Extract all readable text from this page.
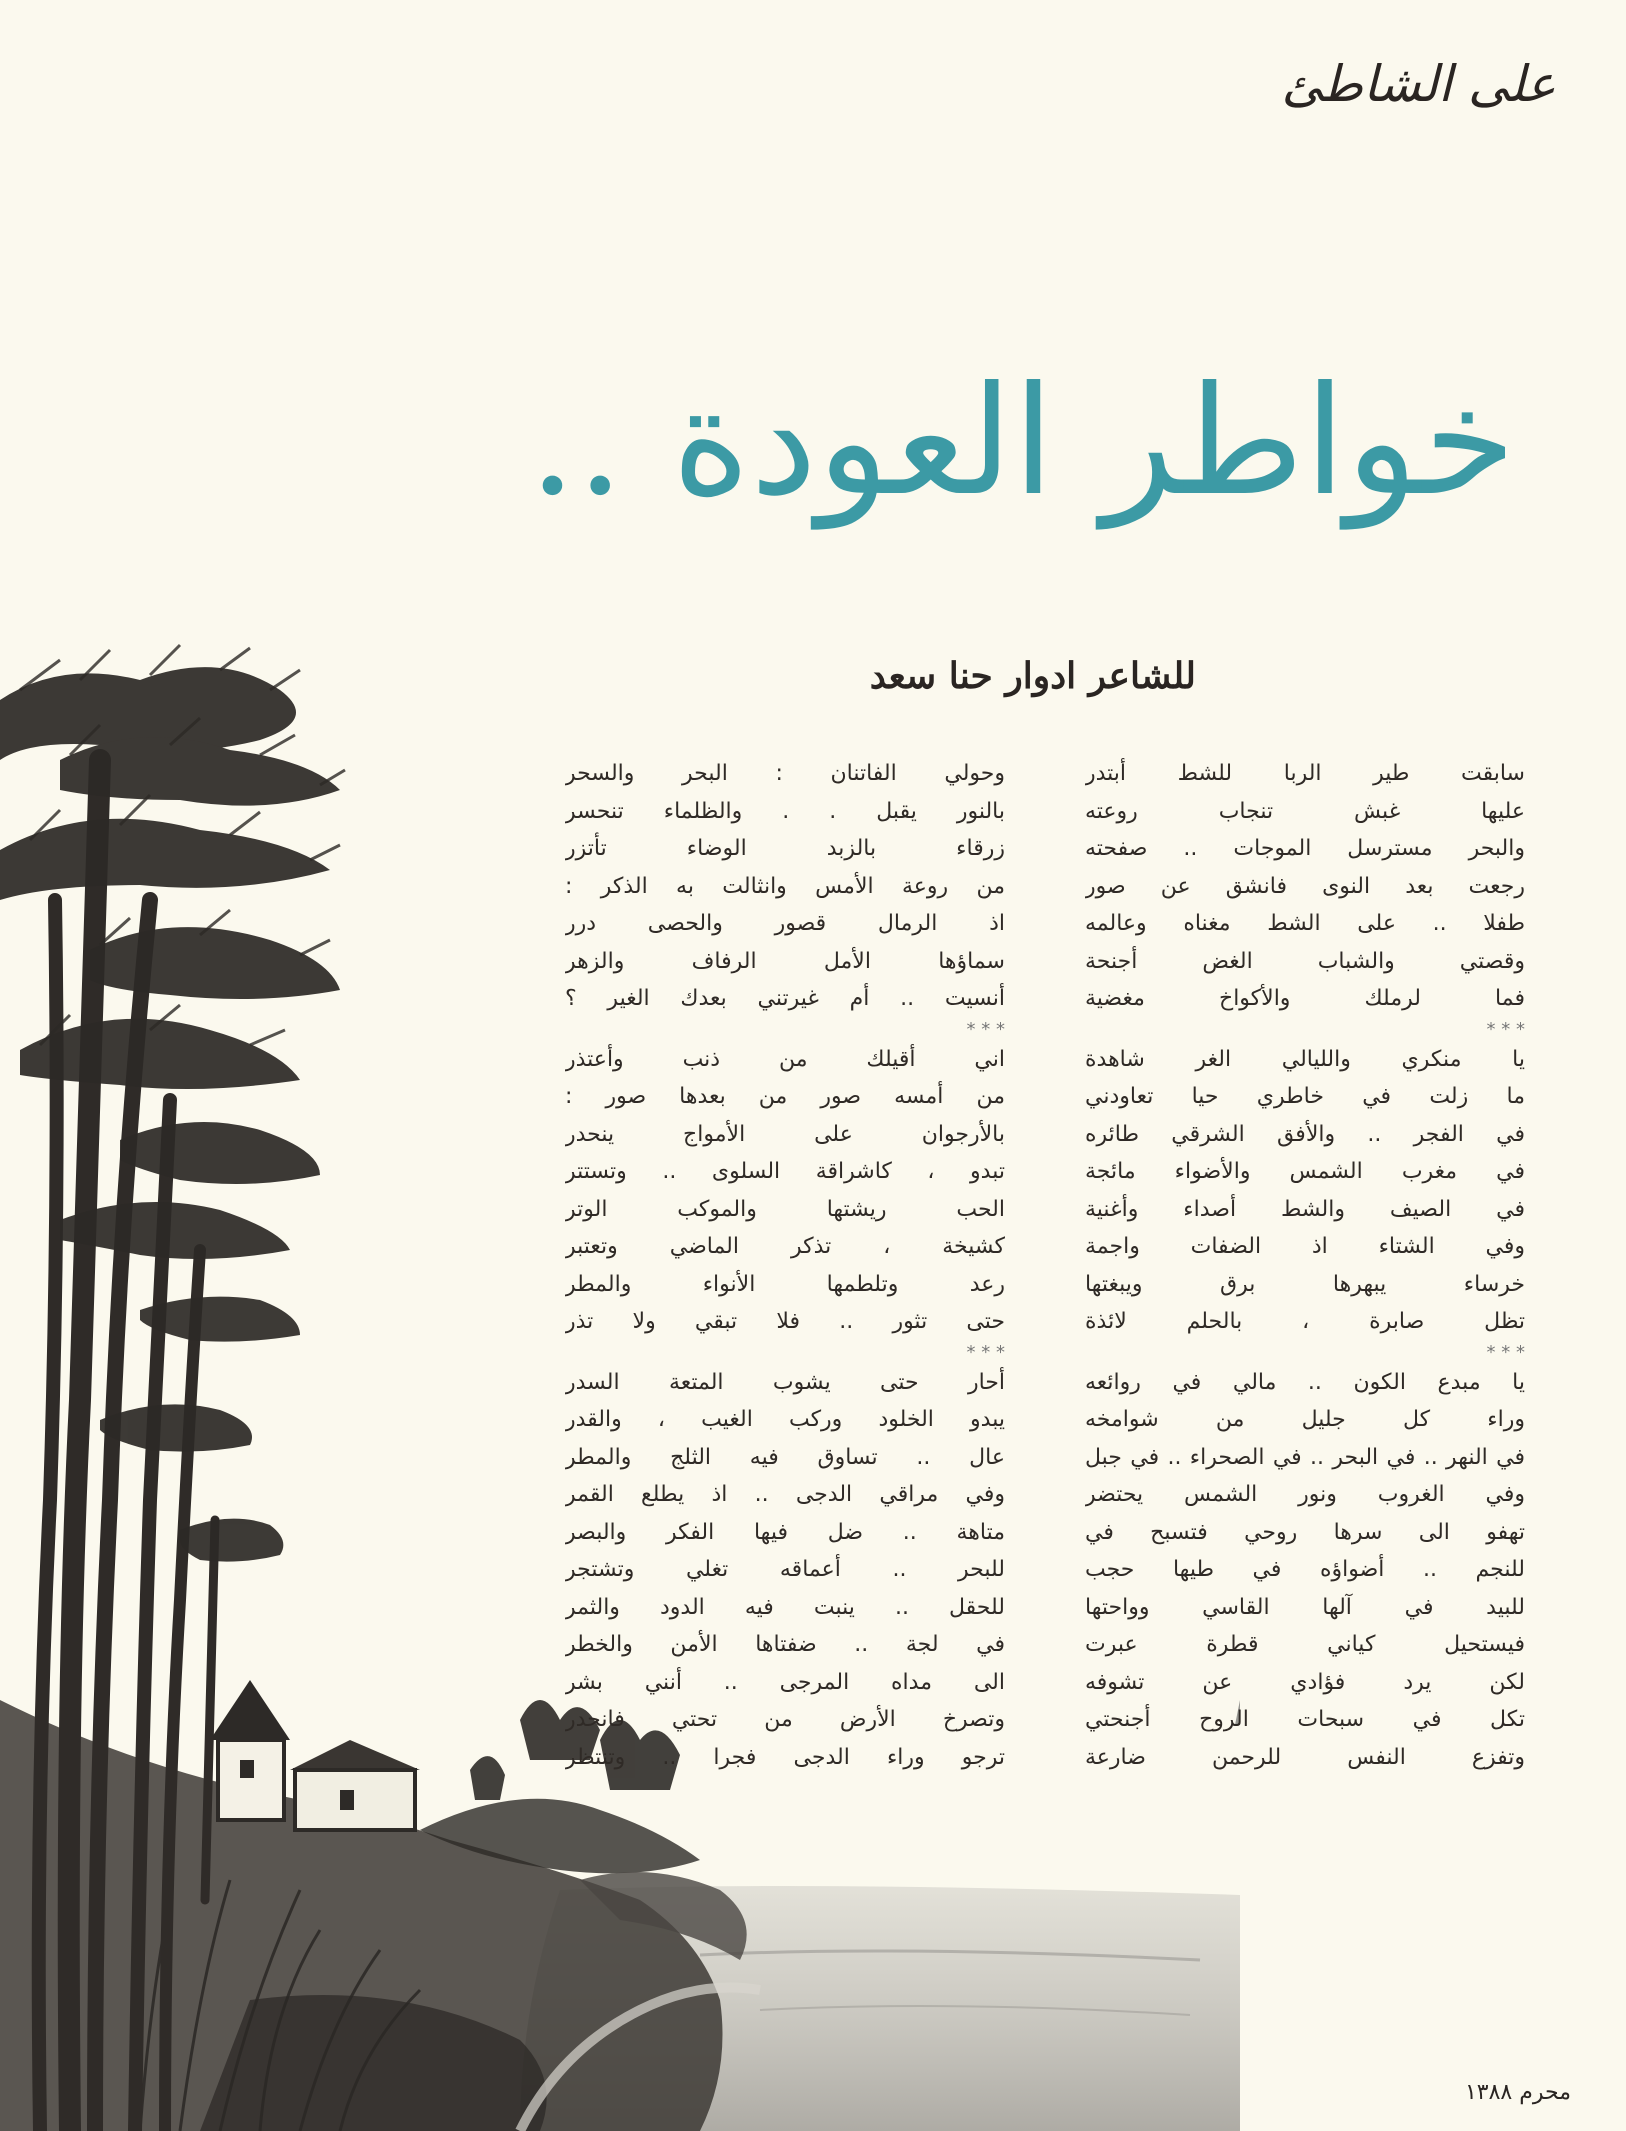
على الشاطئ
خواطر العودة ..
للشاعر ادوار حنا سعد
سابقت طير الربا للشط أبتدر
عليها غبش تنجاب روعته
والبحر مسترسل الموجات .. صفحته
رجعت بعد النوى فانشق عن صور
طفلا .. على الشط مغناه وعالمه
وقصتي والشباب الغض أجنحة
فما لرملك والأكواخ مغضية
* * *
يا منكري والليالي الغر شاهدة
ما زلت في خاطري حيا تعاودني
في الفجر .. والأفق الشرقي طائره
في مغرب الشمس والأضواء مائجة
في الصيف والشط أصداء وأغنية
وفي الشتاء اذ الضفات واجمة
خرساء يبهرها برق ويبغتها
تظل صابرة ، بالحلم لائذة
* * *
يا مبدع الكون .. مالي في روائعه
وراء كل جليل من شوامخه
في النهر .. في البحر .. في الصحراء .. في جبل
وفي الغروب ونور الشمس يحتضر
تهفو الى سرها روحي فتسبح في
للنجم .. أضواؤه في طيها حجب
للبيد في آلها القاسي وواحتها
فيستحيل كياني قطرة عبرت
لكن يرد فؤادي عن تشوفه
تكل في سبحات الروح أجنحتي
وتفزع النفس للرحمن ضارعة
وحولي الفاتنان : البحر والسحر
بالنور يقبل . . والظلماء تنحسر
زرقاء بالزبد الوضاء تأتزر
من روعة الأمس وانثالت به الذكر :
اذ الرمال قصور والحصى درر
سماؤها الأمل الرفاف والزهر
أنسيت .. أم غيرتني بعدك الغير ؟
* * *
اني أقيلك من ذنب وأعتذر
من أمسه صور من بعدها صور :
بالأرجوان على الأمواج ينحدر
تبدو ، كاشراقة السلوى .. وتستتر
الحب ريشتها والموكب الوتر
كشيخة ، تذكر الماضي وتعتبر
رعد وتلطمها الأنواء والمطر
حتى تثور .. فلا تبقي ولا تذر
* * *
أحار حتى يشوب المتعة السدر
يبدو الخلود وركب الغيب ، والقدر
عال .. تساوق فيه الثلج والمطر
وفي مراقي الدجى .. اذ يطلع القمر
متاهة .. ضل فيها الفكر والبصر
للبحر .. أعماقه تغلي وتشتجر
للحقل .. ينبت فيه الدود والثمر
في لجة .. ضفتاها الأمن والخطر
الى مداه المرجى .. أنني بشر
وتصرخ الأرض من تحتي فانحدر
ترجو وراء الدجى فجرا .. وتنتظر
محرم ١٣٨٨
